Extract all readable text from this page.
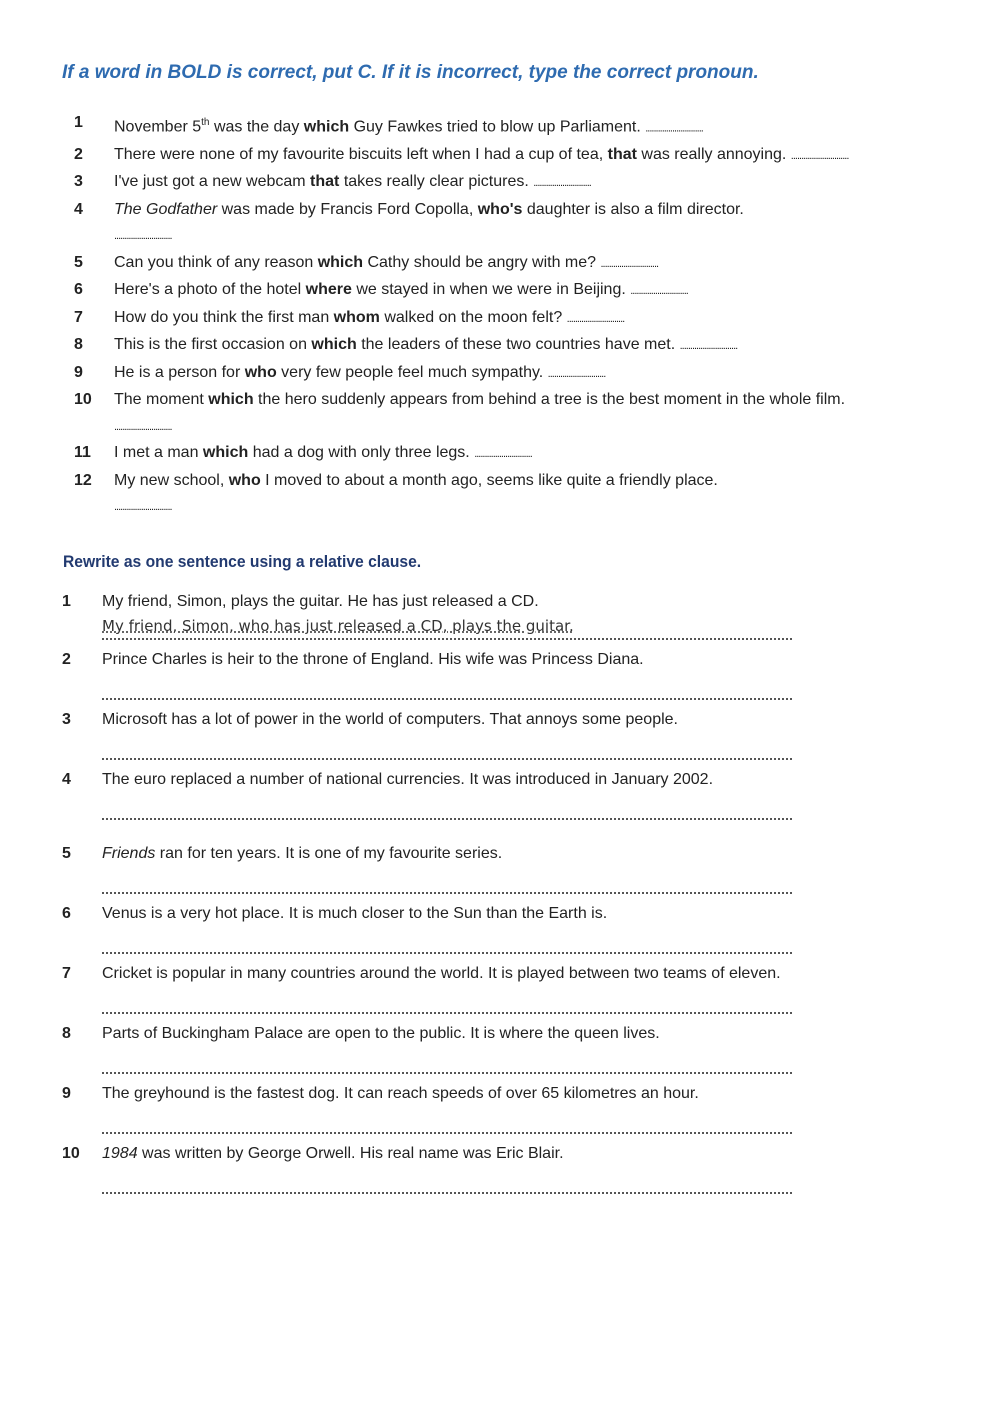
If a word in BOLD is correct, put C. If it is incorrect, type the correct pronoun.
1	November 5th was the day which Guy Fawkes tried to blow up Parliament. ............................
2	There were none of my favourite biscuits left when I had a cup of tea, that was really annoying. ............................
3	I've just got a new webcam that takes really clear pictures. ............................
4	The Godfather was made by Francis Ford Copolla, who's daughter is also a film director.
............................
5	Can you think of any reason which Cathy should be angry with me? ............................
6	Here's a photo of the hotel where we stayed in when we were in Beijing. ............................
7	How do you think the first man whom walked on the moon felt? ............................
8	This is the first occasion on which the leaders of these two countries have met. ............................
9	He is a person for who very few people feel much sympathy. ............................
10	The moment which the hero suddenly appears from behind a tree is the best moment in the whole film. ............................
11	I met a man which had a dog with only three legs. ............................
12	My new school, who I moved to about a month ago, seems like quite a friendly place.
............................
Rewrite as one sentence using a relative clause.
1	My friend, Simon, plays the guitar. He has just released a CD.
My friend, Simon, who has just released a CD, plays the guitar.
2	Prince Charles is heir to the throne of England. His wife was Princess Diana.
3	Microsoft has a lot of power in the world of computers. That annoys some people.
4	The euro replaced a number of national currencies. It was introduced in January 2002.
5	Friends ran for ten years. It is one of my favourite series.
6	Venus is a very hot place. It is much closer to the Sun than the Earth is.
7	Cricket is popular in many countries around the world. It is played between two teams of eleven.
8	Parts of Buckingham Palace are open to the public. It is where the queen lives.
9	The greyhound is the fastest dog. It can reach speeds of over 65 kilometres an hour.
10	1984 was written by George Orwell. His real name was Eric Blair.
